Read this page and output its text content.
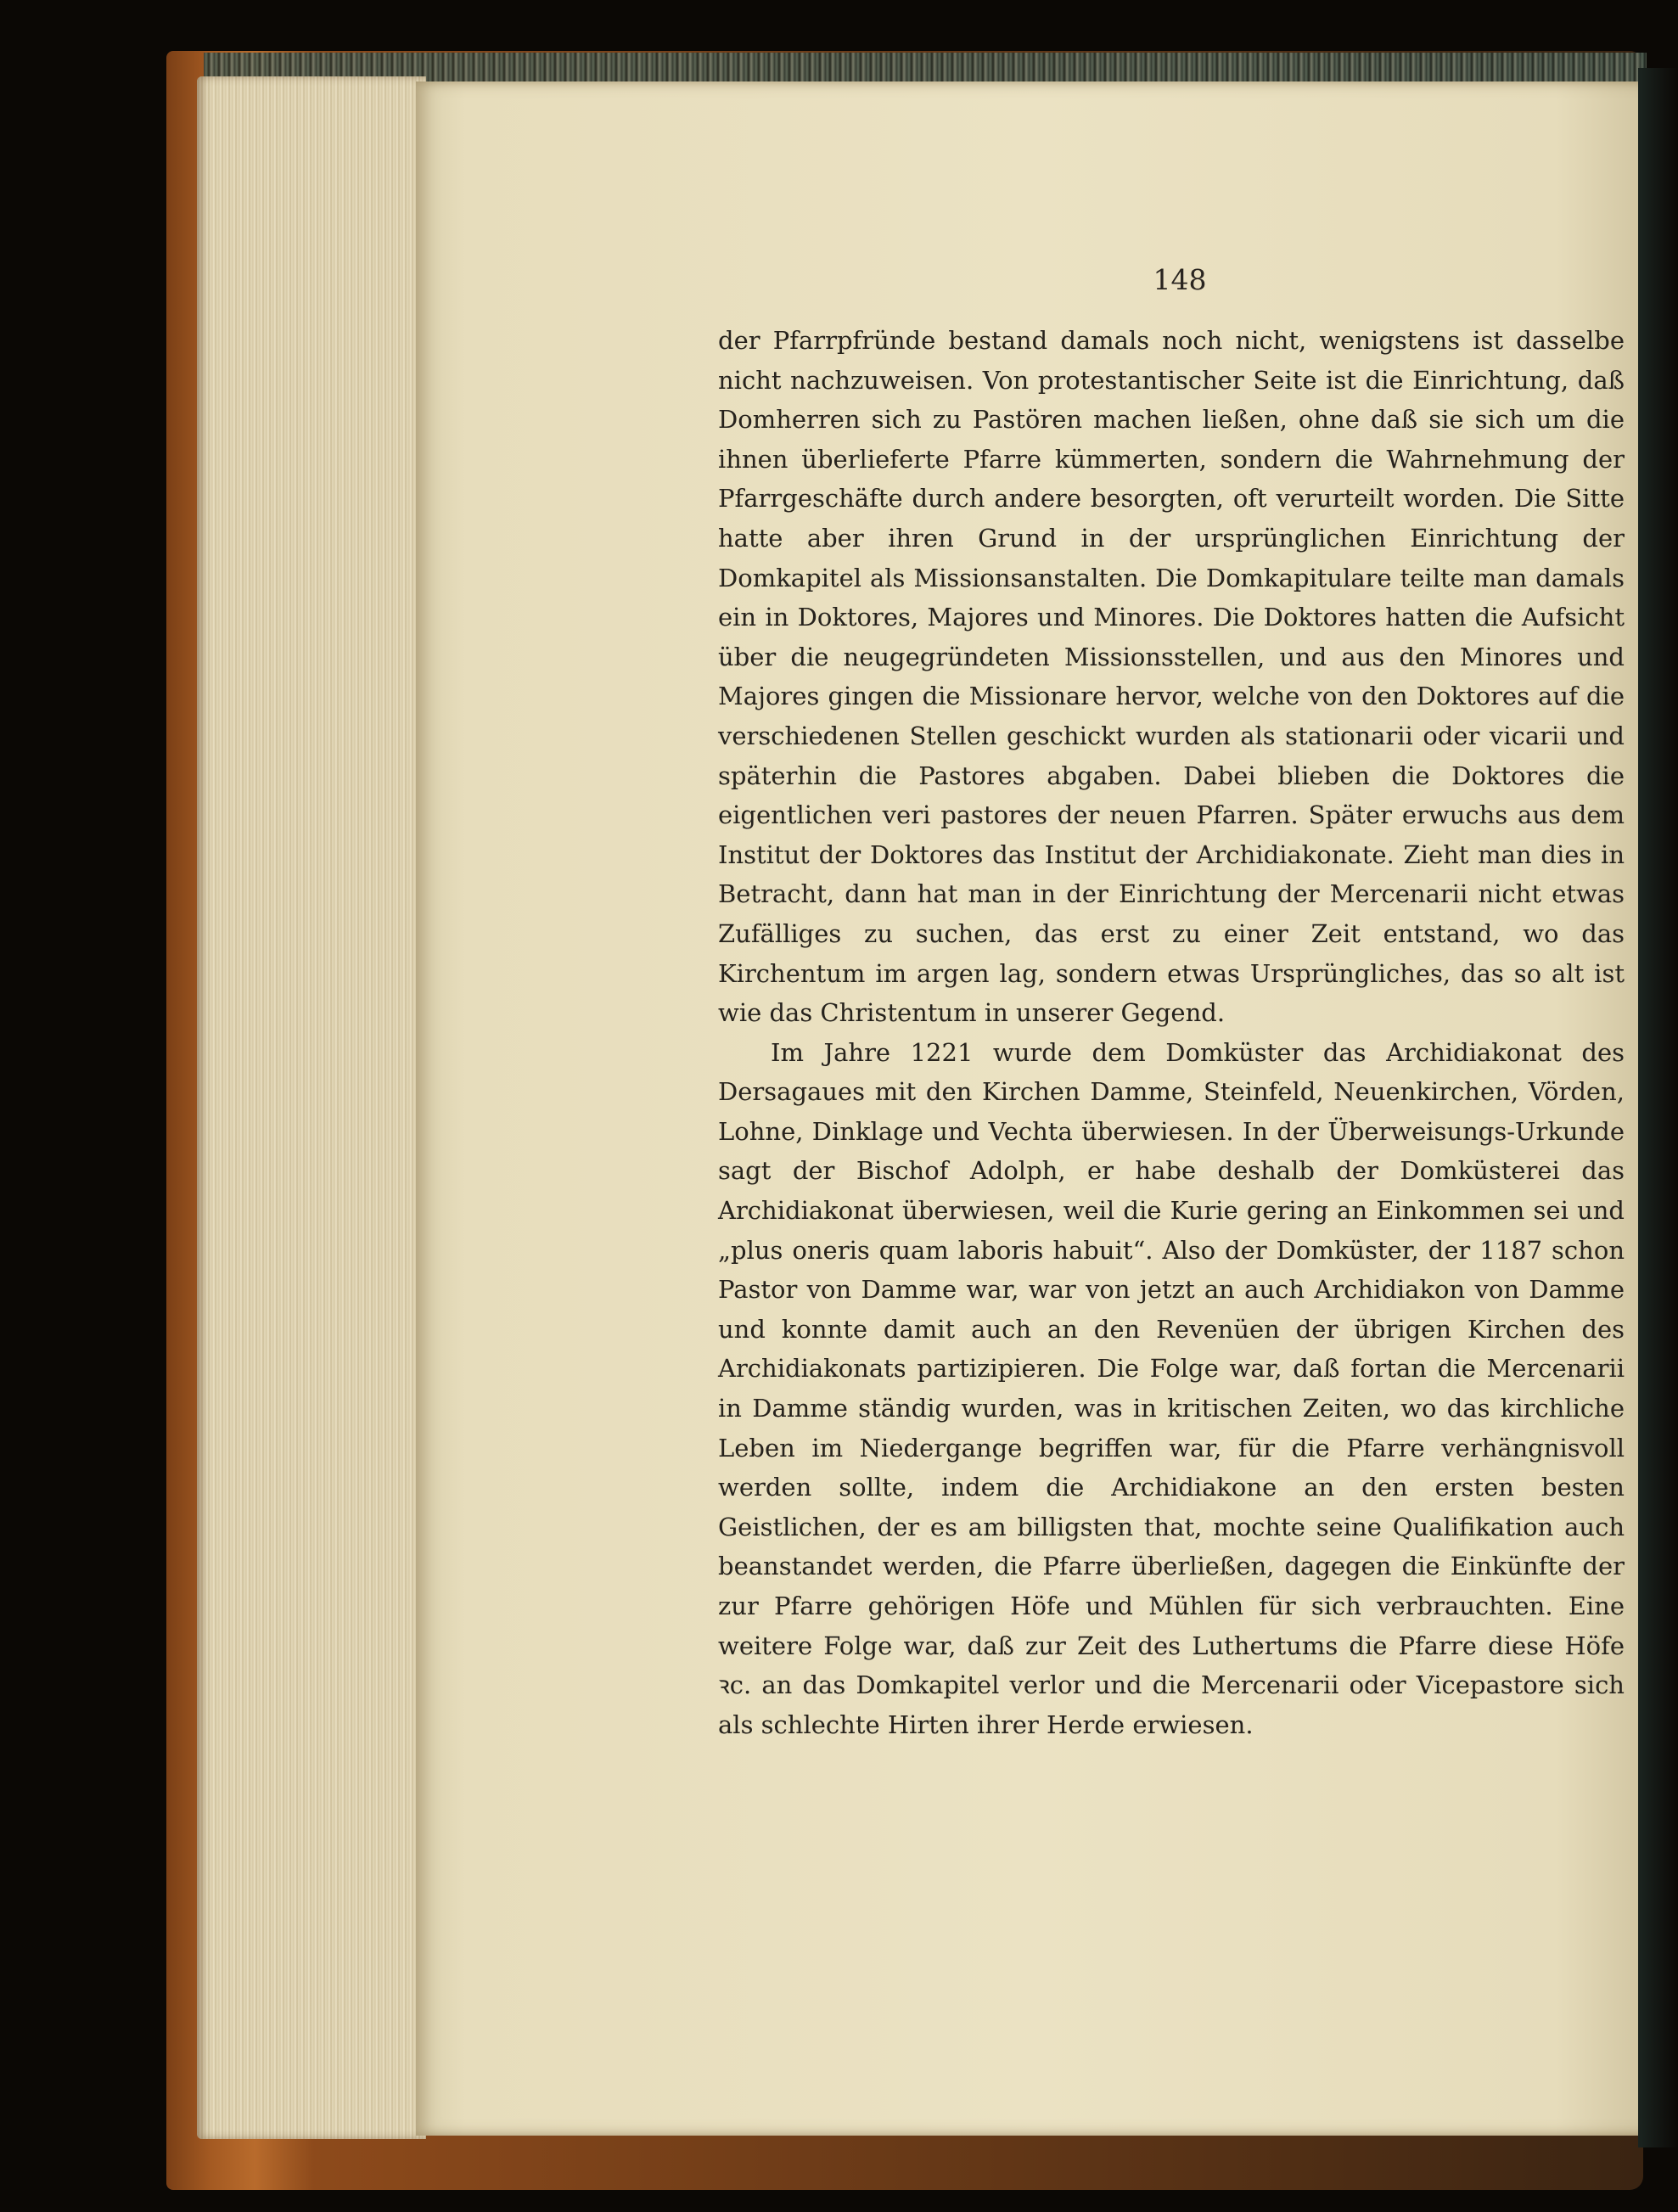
148

der Pfarrpfründe bestand damals noch nicht, wenigstens ist dasselbe nicht nachzuweisen. Von protestantischer Seite ist die Einrichtung, daß Domherren sich zu Pastören machen ließen, ohne daß sie sich um die ihnen überlieferte Pfarre kümmerten, sondern die Wahrnehmung der Pfarrgeschäfte durch andere besorgten, oft verurteilt worden. Die Sitte hatte aber ihren Grund in der ursprünglichen Einrichtung der Domkapitel als Missionsanstalten. Die Domkapitulare teilte man damals ein in Doktores, Majores und Minores. Die Doktores hatten die Aufsicht über die neugegründeten Missionsstellen, und aus den Minores und Majores gingen die Missionare hervor, welche von den Doktores auf die verschiedenen Stellen geschickt wurden als stationarii oder vicarii und späterhin die Pastores abgaben. Dabei blieben die Doktores die eigentlichen veri pastores der neuen Pfarren. Später erwuchs aus dem Institut der Doktores das Institut der Archidiakonate. Zieht man dies in Betracht, dann hat man in der Einrichtung der Mercenarii nicht etwas Zufälliges zu suchen, das erst zu einer Zeit entstand, wo das Kirchentum im argen lag, sondern etwas Ursprüngliches, das so alt ist wie das Christentum in unserer Gegend.

Im Jahre 1221 wurde dem Domküster das Archidiakonat des Dersagaues mit den Kirchen Damme, Steinfeld, Neuenkirchen, Vörden, Lohne, Dinklage und Vechta überwiesen. In der Überweisungs-Urkunde sagt der Bischof Adolph, er habe deshalb der Domküsterei das Archidiakonat überwiesen, weil die Kurie gering an Einkommen sei und „plus oneris quam laboris habuit“. Also der Domküster, der 1187 schon Pastor von Damme war, war von jetzt an auch Archidiakon von Damme und konnte damit auch an den Revenüen der übrigen Kirchen des Archidiakonats partizipieren. Die Folge war, daß fortan die Mercenarii in Damme ständig wurden, was in kritischen Zeiten, wo das kirchliche Leben im Niedergange begriffen war, für die Pfarre verhängnisvoll werden sollte, indem die Archidiakone an den ersten besten Geistlichen, der es am billigsten that, mochte seine Qualifikation auch beanstandet werden, die Pfarre überließen, dagegen die Einkünfte der zur Pfarre gehörigen Höfe und Mühlen für sich verbrauchten. Eine weitere Folge war, daß zur Zeit des Luthertums die Pfarre diese Höfe ꝛc. an das Domkapitel verlor und die Mercenarii oder Vicepastore sich als schlechte Hirten ihrer Herde erwiesen.
